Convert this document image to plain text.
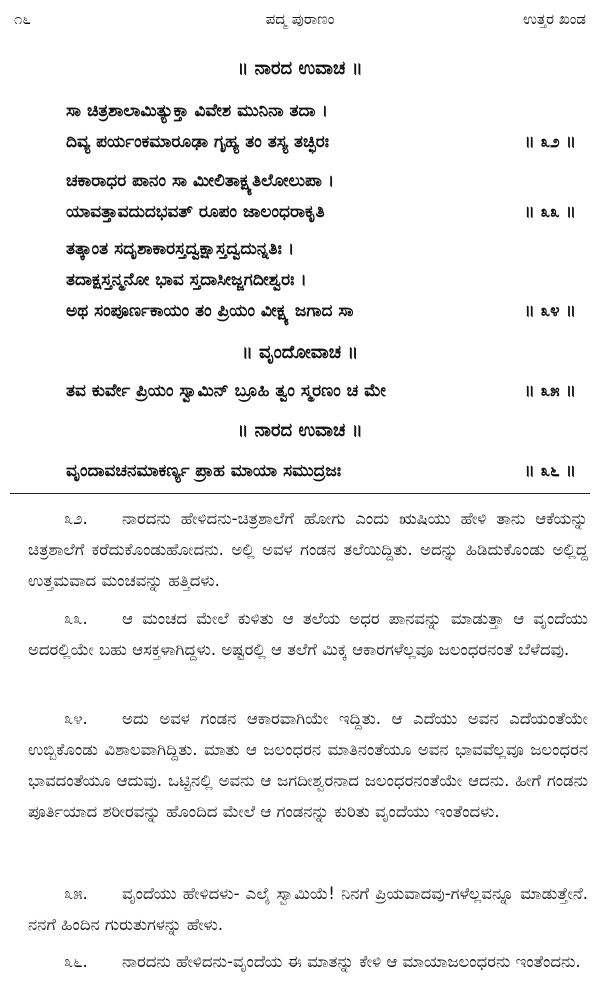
೧೬	ಪದ್ಮ ಪುರಾಣಂ	ಉತ್ತರ ಖಂಡ
॥ ನಾರದ ಉವಾಚ ॥
ಸಾ ಚಿತ್ರಶಾಲಾಮಿತ್ಯುಕ್ತಾ ವಿವೇಶ ಮುನಿನಾ ತದಾ ।
ದಿವ್ಯ ಪರ್ಯಂಕಮಾರೂಢಾ ಗೃಹ್ಯ ತಂ ತಸ್ಯ ತಚ್ಛಿರಃ	॥ ೩೨ ॥
ಚಕಾರಾಧರ ಪಾನಂ ಸಾ ಮೀಲಿತಾಕ್ಷ್ಯತಿಲೋಲುಪಾ ।
ಯಾವತ್ತಾವದುದಭವತ್ ರೂಪಂ ಜಾಲಂಧರಾಕೃತಿ	॥ ೩೩ ॥
ತತ್ಕಾಂತ ಸದೃಶಾಕಾರಸ್ತದ್ವಕ್ಷಾಸ್ತದ್ವದುನ್ನತಿಃ ।
ತದಾಕ್ಷಸ್ತನ್ಮನೋ ಭಾವ ಸ್ತದಾಸೀಜ್ಜಗದೀಶ್ವರಃ ।
ಅಥ ಸಂಪೂರ್ಣಕಾಯಂ ತಂ ಪ್ರಿಯಂ ವೀಕ್ಷ್ಯ ಜಗಾದ ಸಾ	॥ ೩೪ ॥
॥ ವೃಂದೋವಾಚ ॥
ತವ ಕುರ್ವೇ ಪ್ರಿಯಂ ಸ್ವಾಮಿನ್ ಬ್ರೂಹಿ ತ್ವಂ ಸ್ಮರಣಂ ಚ ಮೇ	॥ ೩೫ ॥
॥ ನಾರದ ಉವಾಚ ॥
ವೃಂದಾವಚನಮಾಕರ್ಣ್ಯ ಪ್ರಾಹ ಮಾಯಾ ಸಮುದ್ರಜಃ	॥ ೩೬ ॥
೩೨. ನಾರದನು ಹೇಳಿದನು-ಚಿತ್ರಶಾಲೆಗೆ ಹೋಗು ಎಂದು ಋಷಿಯು ಹೇಳಿ ತಾನು ಆಕೆಯನ್ನು ಚಿತ್ರಶಾಲೆಗೆ ಕರೆದುಕೊಂಡುಹೋದನು. ಅಲ್ಲಿ ಅವಳ ಗಂಡನ ತಲೆಯಿದ್ದಿತು. ಅದನ್ನು ಹಿಡಿದುಕೊಂಡು ಅಲ್ಲಿದ್ದ ಉತ್ತಮವಾದ ಮಂಚವನ್ನು ಹತ್ತಿದಳು.
೩೩. ಆ ಮಂಚದ ಮೇಲೆ ಕುಳಿತು ಆ ತಲೆಯ ಅಧರ ಪಾನವನ್ನು ಮಾಡುತ್ತಾ ಆ ವೃಂದೆಯು ಅದರಲ್ಲಿಯೇ ಬಹು ಆಸಕ್ತಳಾಗಿದ್ದಳು. ಅಷ್ಟರಲ್ಲಿ ಆ ತಲೆಗೆ ಮಿಕ್ಕ ಆಕಾರಗಳೆಲ್ಲವೂ ಜಲಂಧರನಂತೆ ಬೆಳೆದವು.
೩೪. ಅದು ಅವಳ ಗಂಡನ ಆಕಾರವಾಗಿಯೇ ಇದ್ದಿತು. ಆ ಎದೆಯು ಅವನ ಎದೆಯಂತೆಯೇ ಉಬ್ಬಿಕೊಂಡು ವಿಶಾಲವಾಗಿದ್ದಿತು. ಮಾತು ಆ ಜಲಂಧರನ ಮಾತಿನಂತೆಯೂ ಅವನ ಭಾವವೆಲ್ಲವೂ ಜಲಂಧರನ ಭಾವದಂತೆಯೂ ಆದುವು. ಒಟ್ಟಿನಲ್ಲಿ ಅವನು ಆ ಜಗದೀಶ್ವರನಾದ ಜಲಂಧರನಂತೆಯೇ ಆದನು. ಹೀಗೆ ಗಂಡನು ಪೂರ್ತಿಯಾದ ಶರೀರವನ್ನು ಹೊಂದಿದ ಮೇಲೆ ಆ ಗಂಡನನ್ನು ಕುರಿತು ವೃಂದೆಯು ಇಂತೆಂದಳು.
೩೫. ವೃಂದೆಯು ಹೇಳಿದಳು- ಎಲೈ ಸ್ವಾಮಿಯೆ! ನಿನಗೆ ಪ್ರಿಯವಾದವು-ಗಳೆಲ್ಲವನ್ನೂ ಮಾಡುತ್ತೇನೆ. ನನಗೆ ಹಿಂದಿನ ಗುರುತುಗಳನ್ನು ಹೇಳು.
೩೬. ನಾರದನು ಹೇಳಿದನು-ವೃಂದೆಯ ಈ ಮಾತನ್ನು ಕೇಳಿ ಆ ಮಾಯಾಜಲಂಧರನು ಇಂತೆಂದನು.
